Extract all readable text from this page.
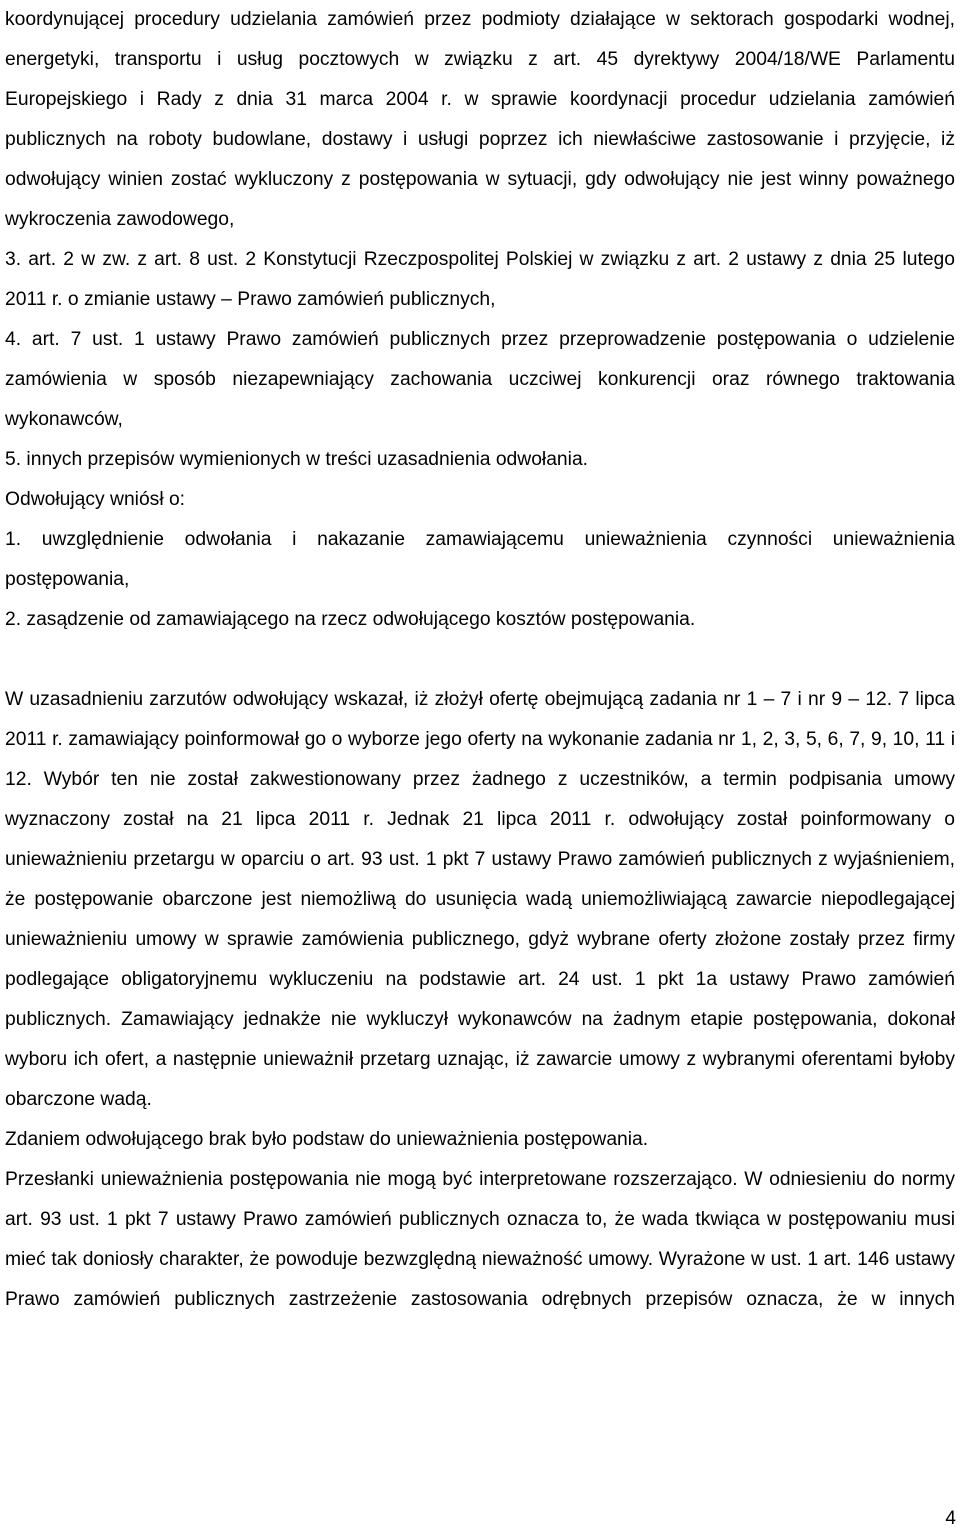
koordynującej procedury udzielania zamówień przez podmioty działające w sektorach gospodarki wodnej, energetyki, transportu i usług pocztowych w związku z art. 45 dyrektywy 2004/18/WE Parlamentu Europejskiego i Rady z dnia 31 marca 2004 r. w sprawie koordynacji procedur udzielania zamówień publicznych na roboty budowlane, dostawy i usługi poprzez ich niewłaściwe zastosowanie i przyjęcie, iż odwołujący winien zostać wykluczony z postępowania w sytuacji, gdy odwołujący nie jest winny poważnego wykroczenia zawodowego,

3. art. 2 w zw. z art. 8 ust. 2 Konstytucji Rzeczpospolitej Polskiej w związku z art. 2 ustawy z dnia 25 lutego 2011 r. o zmianie ustawy – Prawo zamówień publicznych,

4. art. 7 ust. 1 ustawy Prawo zamówień publicznych przez przeprowadzenie postępowania o udzielenie zamówienia w sposób niezapewniający zachowania uczciwej konkurencji oraz równego traktowania wykonawców,

5. innych przepisów wymienionych w treści uzasadnienia odwołania.

Odwołujący wniósł o:

1. uwzględnienie odwołania i nakazanie zamawiającemu unieważnienia czynności unieważnienia postępowania,

2. zasądzenie od zamawiającego na rzecz odwołującego kosztów postępowania.

W uzasadnieniu zarzutów odwołujący wskazał, iż złożył ofertę obejmującą zadania nr 1 – 7 i nr 9 – 12. 7 lipca 2011 r. zamawiający poinformował go o wyborze jego oferty na wykonanie zadania nr 1, 2, 3, 5, 6, 7, 9, 10, 11 i 12. Wybór ten nie został zakwestionowany przez żadnego z uczestników, a termin podpisania umowy wyznaczony został na 21 lipca 2011 r. Jednak 21 lipca 2011 r. odwołujący został poinformowany o unieważnieniu przetargu w oparciu o art. 93 ust. 1 pkt 7 ustawy Prawo zamówień publicznych z wyjaśnieniem, że postępowanie obarczone jest niemożliwą do usunięcia wadą uniemożliwiającą zawarcie niepodlegającej unieważnieniu umowy w sprawie zamówienia publicznego, gdyż wybrane oferty złożone zostały przez firmy podlegające obligatoryjnemu wykluczeniu na podstawie art. 24 ust. 1 pkt 1a ustawy Prawo zamówień publicznych. Zamawiający jednakże nie wykluczył wykonawców na żadnym etapie postępowania, dokonał wyboru ich ofert, a następnie unieważnił przetarg uznając, iż zawarcie umowy z wybranymi oferentami byłoby obarczone wadą.

Zdaniem odwołującego brak było podstaw do unieważnienia postępowania.

Przesłanki unieważnienia postępowania nie mogą być interpretowane rozszerzająco. W odniesieniu do normy art. 93 ust. 1 pkt 7 ustawy Prawo zamówień publicznych oznacza to, że wada tkwiąca w postępowaniu musi mieć tak doniosły charakter, że powoduje bezwzględną nieważność umowy. Wyrażone w ust. 1 art. 146 ustawy Prawo zamówień publicznych zastrzeżenie zastosowania odrębnych przepisów oznacza, że w innych

4
